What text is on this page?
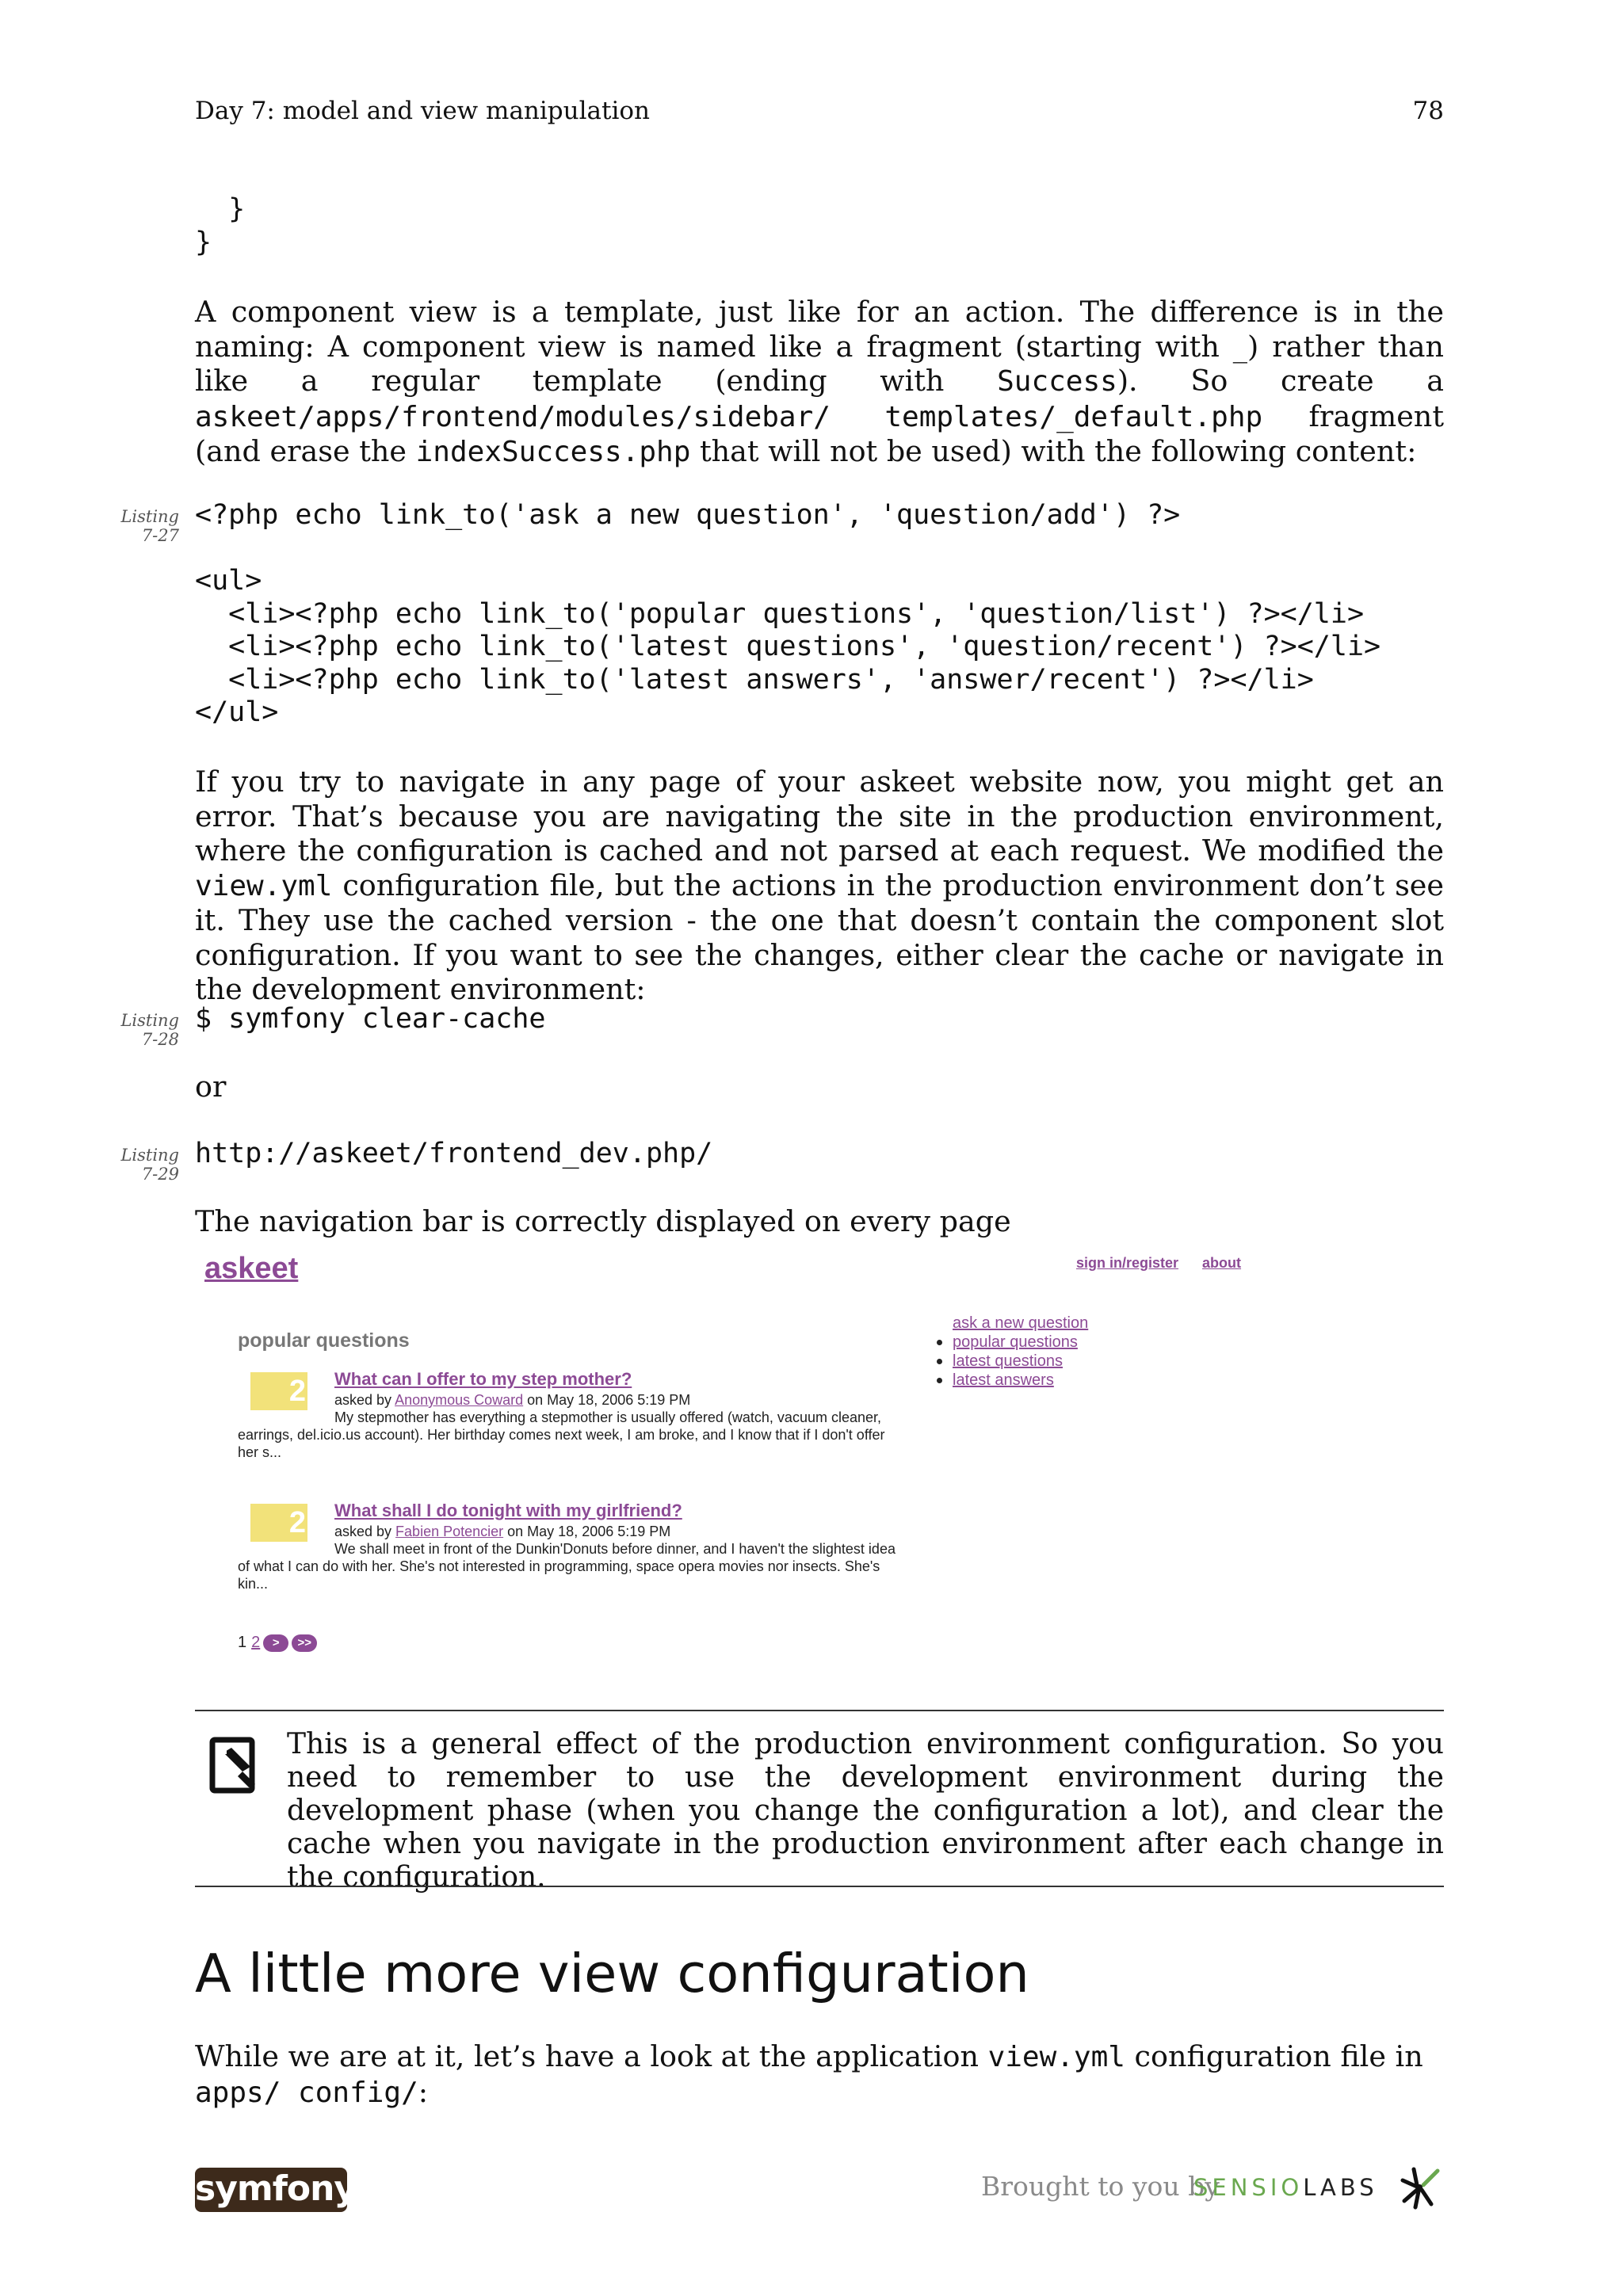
Day 7: model and view manipulation	78
}
}

A component view is a template, just like for an action. The difference is in the naming: A component view is named like a fragment (starting with _) rather than like a regular template (ending with Success). So create a askeet/apps/frontend/modules/sidebar/ templates/_default.php fragment (and erase the indexSuccess.php that will not be used) with the following content:

Listing
7-27
<?php echo link_to('ask a new question', 'question/add') ?>

<ul>
<li><?php echo link_to('popular questions', 'question/list') ?></li>
<li><?php echo link_to('latest questions', 'question/recent') ?></li>
<li><?php echo link_to('latest answers', 'answer/recent') ?></li>
</ul>

If you try to navigate in any page of your askeet website now, you might get an error. That’s because you are navigating the site in the production environment, where the configuration is cached and not parsed at each request. We modified the view.yml configuration file, but the actions in the production environment don’t see it. They use the cached version - the one that doesn’t contain the component slot configuration. If you want to see the changes, either clear the cache or navigate in the development environment:

Listing
7-28
$ symfony clear-cache

or

Listing
7-29
http://askeet/frontend_dev.php/

The navigation bar is correctly displayed on every page

askeet	sign in/register about
ask a new question
popular questions
latest questions
latest answers
popular questions
2 What can I offer to my step mother?
asked by Anonymous Coward on May 18, 2006 5:19 PM
My stepmother has everything a stepmother is usually offered (watch, vacuum cleaner, earrings, del.icio.us account). Her birthday comes next week, I am broke, and I know that if I don't offer her s...
2 What shall I do tonight with my girlfriend?
asked by Fabien Potencier on May 18, 2006 5:19 PM
We shall meet in front of the Dunkin'Donuts before dinner, and I haven't the slightest idea of what I can do with her. She's not interested in programming, space opera movies nor insects. She's kin...
1 2 > >>
This is a general effect of the production environment configuration. So you need to remember to use the development environment during the development phase (when you change the configuration a lot), and clear the cache when you navigate in the production environment after each change in the configuration.
A little more view configuration

While we are at it, let’s have a look at the application view.yml configuration file in apps/ config/:

symfony	Brought to you by
SENSIOLABS
